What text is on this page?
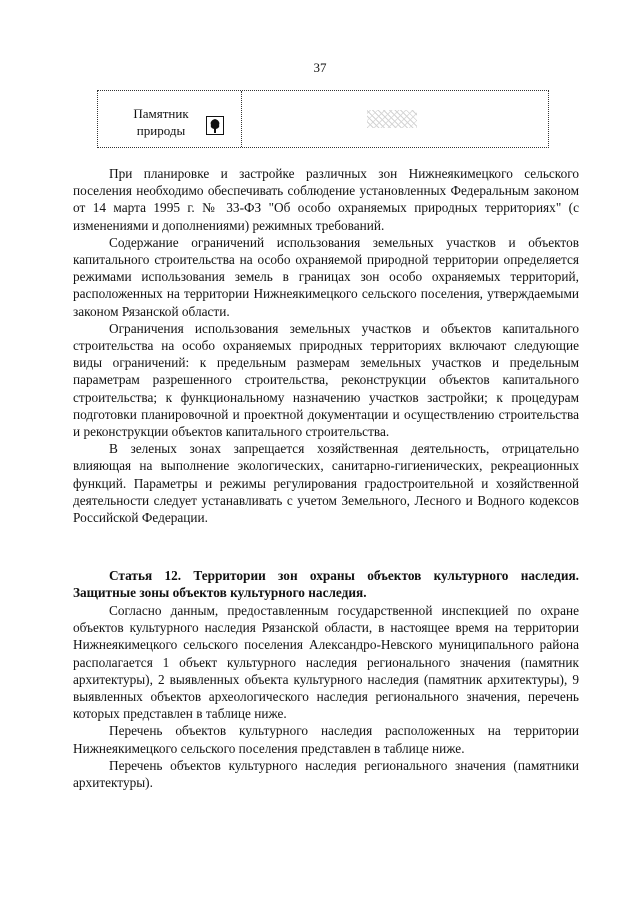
37
Памятник
природы

При планировке и застройке различных зон Нижнеякимецкого сельского поселения необходимо обеспечивать соблюдение установленных Федеральным законом от 14 марта 1995 г. № 33-ФЗ "Об особо охраняемых природных территориях" (с изменениями и дополнениями) режимных требований.

Содержание ограничений использования земельных участков и объектов капитального строительства на особо охраняемой природной территории определяется режимами использования земель в границах зон особо охраняемых территорий, расположенных на территории Нижнеякимецкого сельского поселения, утверждаемыми законом Рязанской области.

Ограничения использования земельных участков и объектов капитального строительства на особо охраняемых природных территориях включают следующие виды ограничений: к предельным размерам земельных участков и предельным параметрам разрешенного строительства, реконструкции объектов капитального строительства; к функциональному назначению участков застройки; к процедурам подготовки планировочной и проектной документации и осуществлению строительства и реконструкции объектов капитального строительства.

В зеленых зонах запрещается хозяйственная деятельность, отрицательно влияющая на выполнение экологических, санитарно-гигиенических, рекреационных функций. Параметры и режимы регулирования градостроительной и хозяйственной деятельности следует устанавливать с учетом Земельного, Лесного и Водного кодексов Российской Федерации.

Статья 12. Территории зон охраны объектов культурного наследия. Защитные зоны объектов культурного наследия.

Согласно данным, предоставленным государственной инспекцией по охране объектов культурного наследия Рязанской области, в настоящее время на территории Нижнеякимецкого сельского поселения Александро-Невского муниципального района располагается 1 объект культурного наследия регионального значения (памятник архитектуры), 2 выявленных объекта культурного наследия (памятник архитектуры), 9 выявленных объектов археологического наследия регионального значения, перечень которых представлен в таблице ниже.

Перечень объектов культурного наследия расположенных на территории Нижнеякимецкого сельского поселения представлен в таблице ниже.

Перечень объектов культурного наследия регионального значения (памятники архитектуры).
